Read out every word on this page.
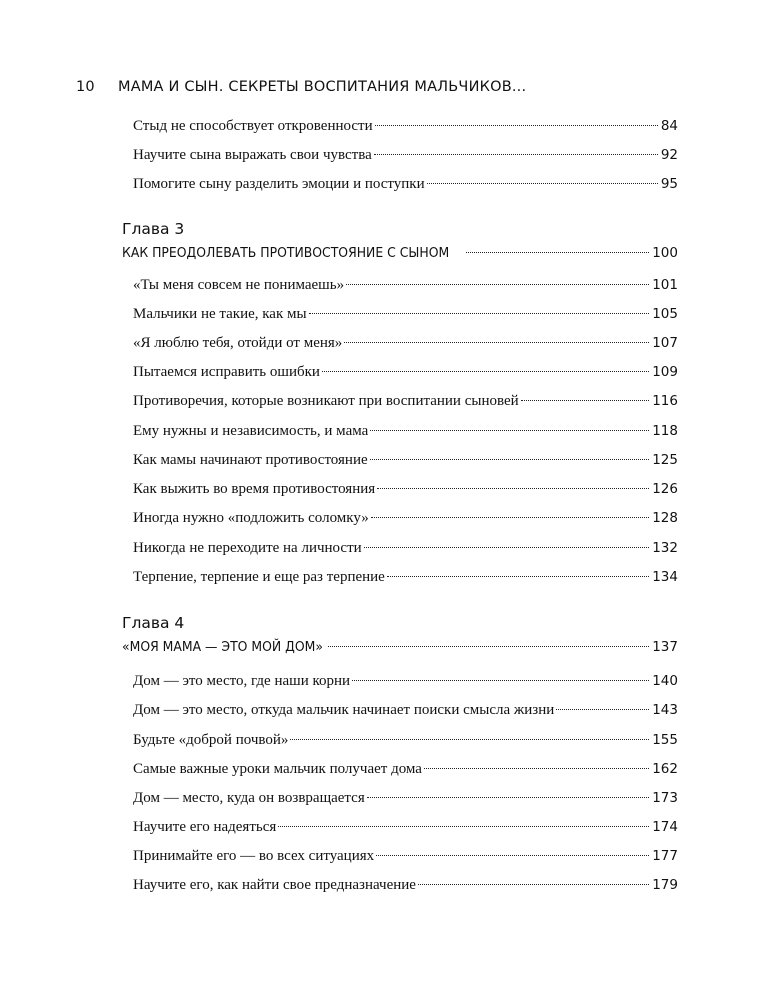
10	МАМА И СЫН. СЕКРЕТЫ ВОСПИТАНИЯ МАЛЬЧИКОВ...
Стыд не способствует откровенности	84
Научите сына выражать свои чувства	92
Помогите сыну разделить эмоции и поступки	95
Глава 3
КАК ПРЕОДОЛЕВАТЬ ПРОТИВОСТОЯНИЕ С СЫНОМ	100
«Ты меня совсем не понимаешь»	101
Мальчики не такие, как мы	105
«Я люблю тебя, отойди от меня»	107
Пытаемся исправить ошибки	109
Противоречия, которые возникают при воспитании сыновей	116
Ему нужны и независимость, и мама	118
Как мамы начинают противостояние	125
Как выжить во время противостояния	126
Иногда нужно «подложить соломку»	128
Никогда не переходите на личности	132
Терпение, терпение и еще раз терпение	134
Глава 4
«МОЯ МАМА — ЭТО МОЙ ДОМ»	137
Дом — это место, где наши корни	140
Дом — это место, откуда мальчик начинает поиски смысла жизни	143
Будьте «доброй почвой»	155
Самые важные уроки мальчик получает дома	162
Дом — место, куда он возвращается	173
Научите его надеяться	174
Принимайте его — во всех ситуациях	177
Научите его, как найти свое предназначение	179
